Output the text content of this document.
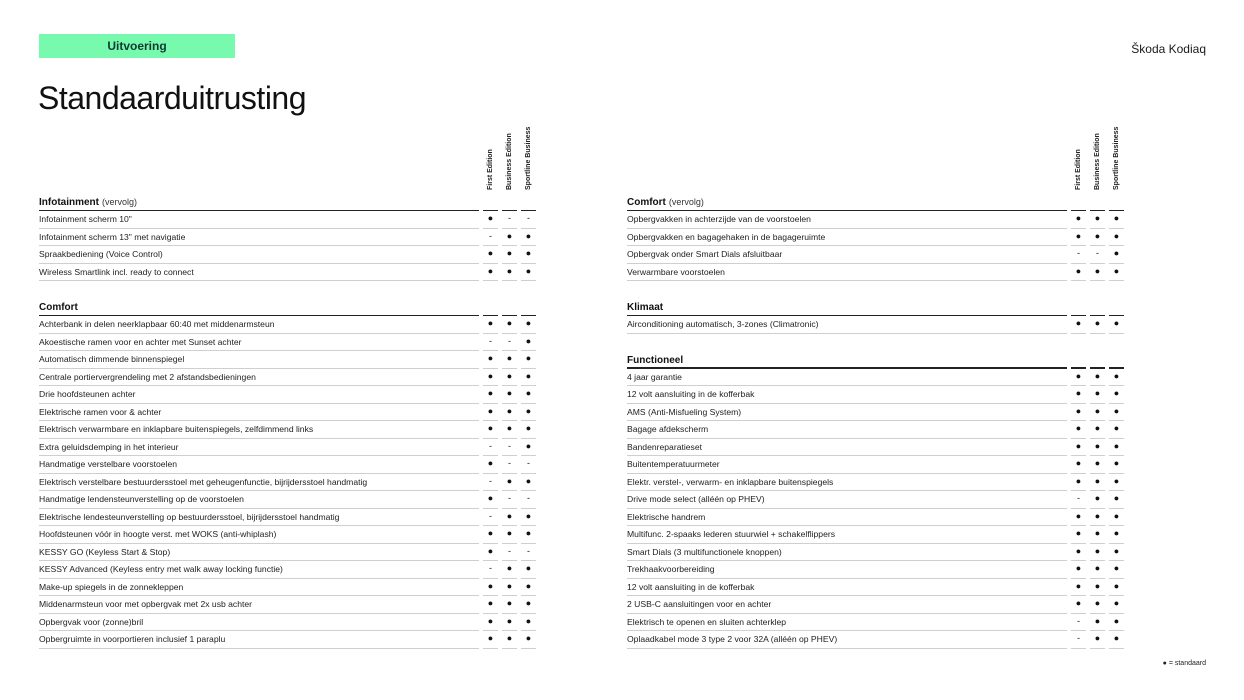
Uitvoering	Škoda Kodiaq
Standaarduitrusting
First Edition Business Edition Sportline Business
Infotainment (vervolg)
Infotainment scherm 10"	●	-	-
Infotainment scherm 13" met navigatie	-	●	●
Spraakbediening (Voice Control)	●	●	●
Wireless Smartlink incl. ready to connect	●	●	●
Comfort
Achterbank in delen neerklapbaar 60:40 met middenarmsteun	●	●	●
Akoestische ramen voor en achter met Sunset achter	-	-	●
Automatisch dimmende binnenspiegel	●	●	●
Centrale portiervergrendeling met 2 afstandsbedieningen	●	●	●
Drie hoofdsteunen achter	●	●	●
Elektrische ramen voor & achter	●	●	●
Elektrisch verwarmbare en inklapbare buitenspiegels, zelfdimmend links	●	●	●
Extra geluidsdemping in het interieur	-	-	●
Handmatige verstelbare voorstoelen	●	-	-
Elektrisch verstelbare bestuurdersstoel met geheugenfunctie, bijrijdersstoel handmatig	-	●	●
Handmatige lendensteunverstelling op de voorstoelen	●	-	-
Elektrische lendesteunverstelling op bestuurdersstoel, bijrijdersstoel handmatig	-	●	●
Hoofdsteunen vóór in hoogte verst. met WOKS (anti-whiplash)	●	●	●
KESSY GO (Keyless Start & Stop)	●	-	-
KESSY Advanced (Keyless entry met walk away locking functie)	-	●	●
Make-up spiegels in de zonnekleppen	●	●	●
Middenarmsteun voor met opbergvak met 2x usb achter	●	●	●
Opbergvak voor (zonne)bril	●	●	●
Opbergruimte in voorportieren inclusief 1 paraplu	●	●	●
First Edition Business Edition Sportline Business
Comfort (vervolg)
Opbergvakken in achterzijde van de voorstoelen	●	●	●
Opbergvakken en bagagehaken in de bagageruimte	●	●	●
Opbergvak onder Smart Dials afsluitbaar	-	-	●
Verwarmbare voorstoelen	●	●	●
Klimaat
Airconditioning automatisch, 3-zones (Climatronic)	●	●	●
Functioneel
4 jaar garantie	●	●	●
12 volt aansluiting in de kofferbak	●	●	●
AMS (Anti-Misfueling System)	●	●	●
Bagage afdekscherm	●	●	●
Bandenreparatieset	●	●	●
Buitentemperatuurmeter	●	●	●
Elektr. verstel-, verwarm- en inklapbare buitenspiegels	●	●	●
Drive mode select (alléén op PHEV)	-	●	●
Elektrische handrem	●	●	●
Multifunc. 2-spaaks lederen stuurwiel + schakelflippers	●	●	●
Smart Dials (3 multifunctionele knoppen)	●	●	●
Trekhaakvoorbereiding	●	●	●
12 volt aansluiting in de kofferbak	●	●	●
2 USB-C aansluitingen voor en achter	●	●	●
Elektrisch te openen en sluiten achterklep	-	●	●
Oplaadkabel mode 3 type 2 voor 32A (alléén op PHEV)	-	●	●
● = standaard
